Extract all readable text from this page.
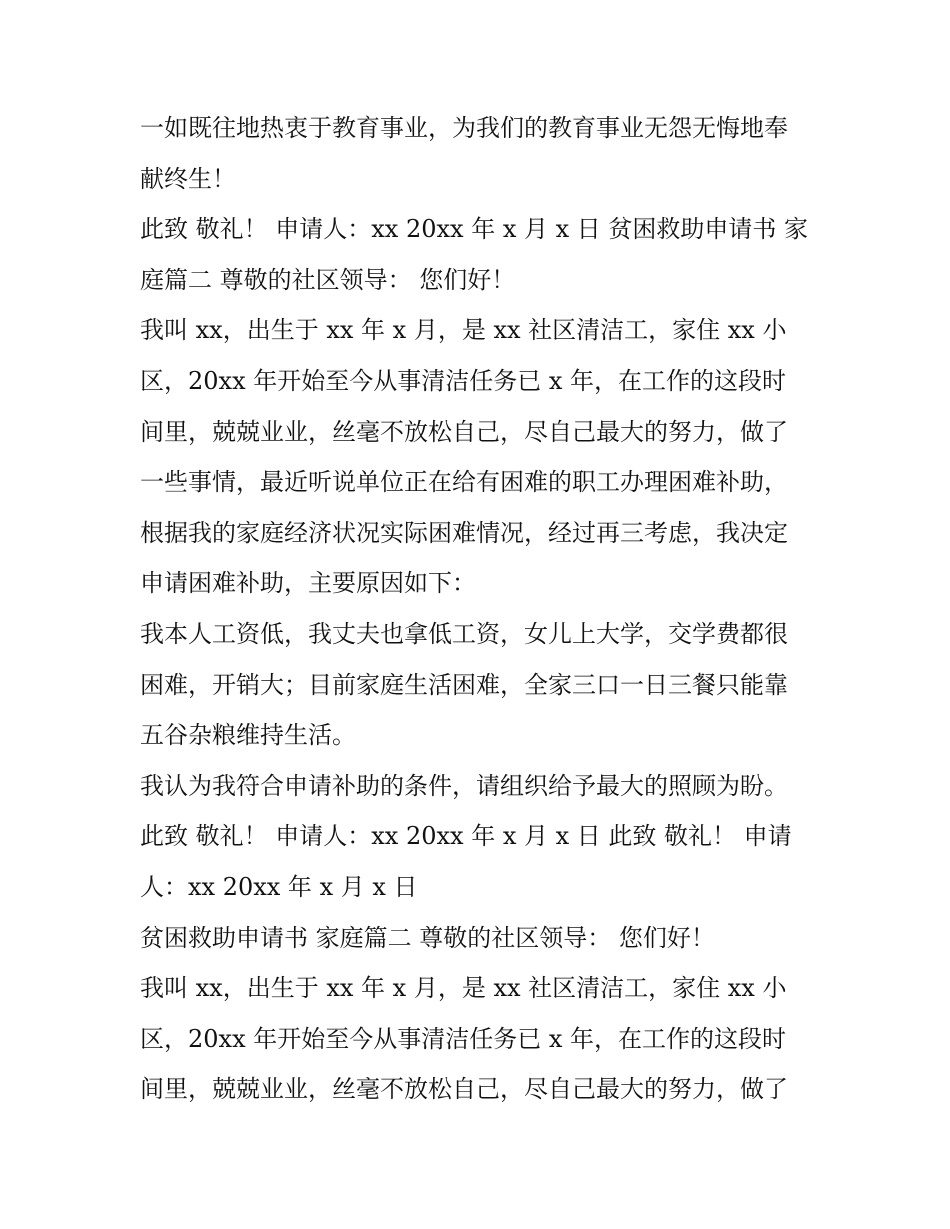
一如既往地热衷于教育事业，为我们的教育事业无怨无悔地奉
献终生！
此致 敬礼！ 申请人：xx 20xx 年 x 月 x 日 贫困救助申请书 家
庭篇二 尊敬的社区领导： 您们好！
我叫 xx，出生于 xx 年 x 月，是 xx 社区清洁工，家住 xx 小
区，20xx 年开始至今从事清洁任务已 x 年，在工作的这段时
间里，兢兢业业，丝毫不放松自己，尽自己最大的努力，做了
一些事情，最近听说单位正在给有困难的职工办理困难补助，
根据我的家庭经济状况实际困难情况，经过再三考虑，我决定
申请困难补助，主要原因如下：
我本人工资低，我丈夫也拿低工资，女儿上大学，交学费都很
困难，开销大；目前家庭生活困难，全家三口一日三餐只能靠
五谷杂粮维持生活。
我认为我符合申请补助的条件，请组织给予最大的照顾为盼。
此致 敬礼！ 申请人：xx 20xx 年 x 月 x 日 此致 敬礼！ 申请
人：xx 20xx 年 x 月 x 日
贫困救助申请书 家庭篇二 尊敬的社区领导： 您们好！
我叫 xx，出生于 xx 年 x 月，是 xx 社区清洁工，家住 xx 小
区，20xx 年开始至今从事清洁任务已 x 年，在工作的这段时
间里，兢兢业业，丝毫不放松自己，尽自己最大的努力，做了
